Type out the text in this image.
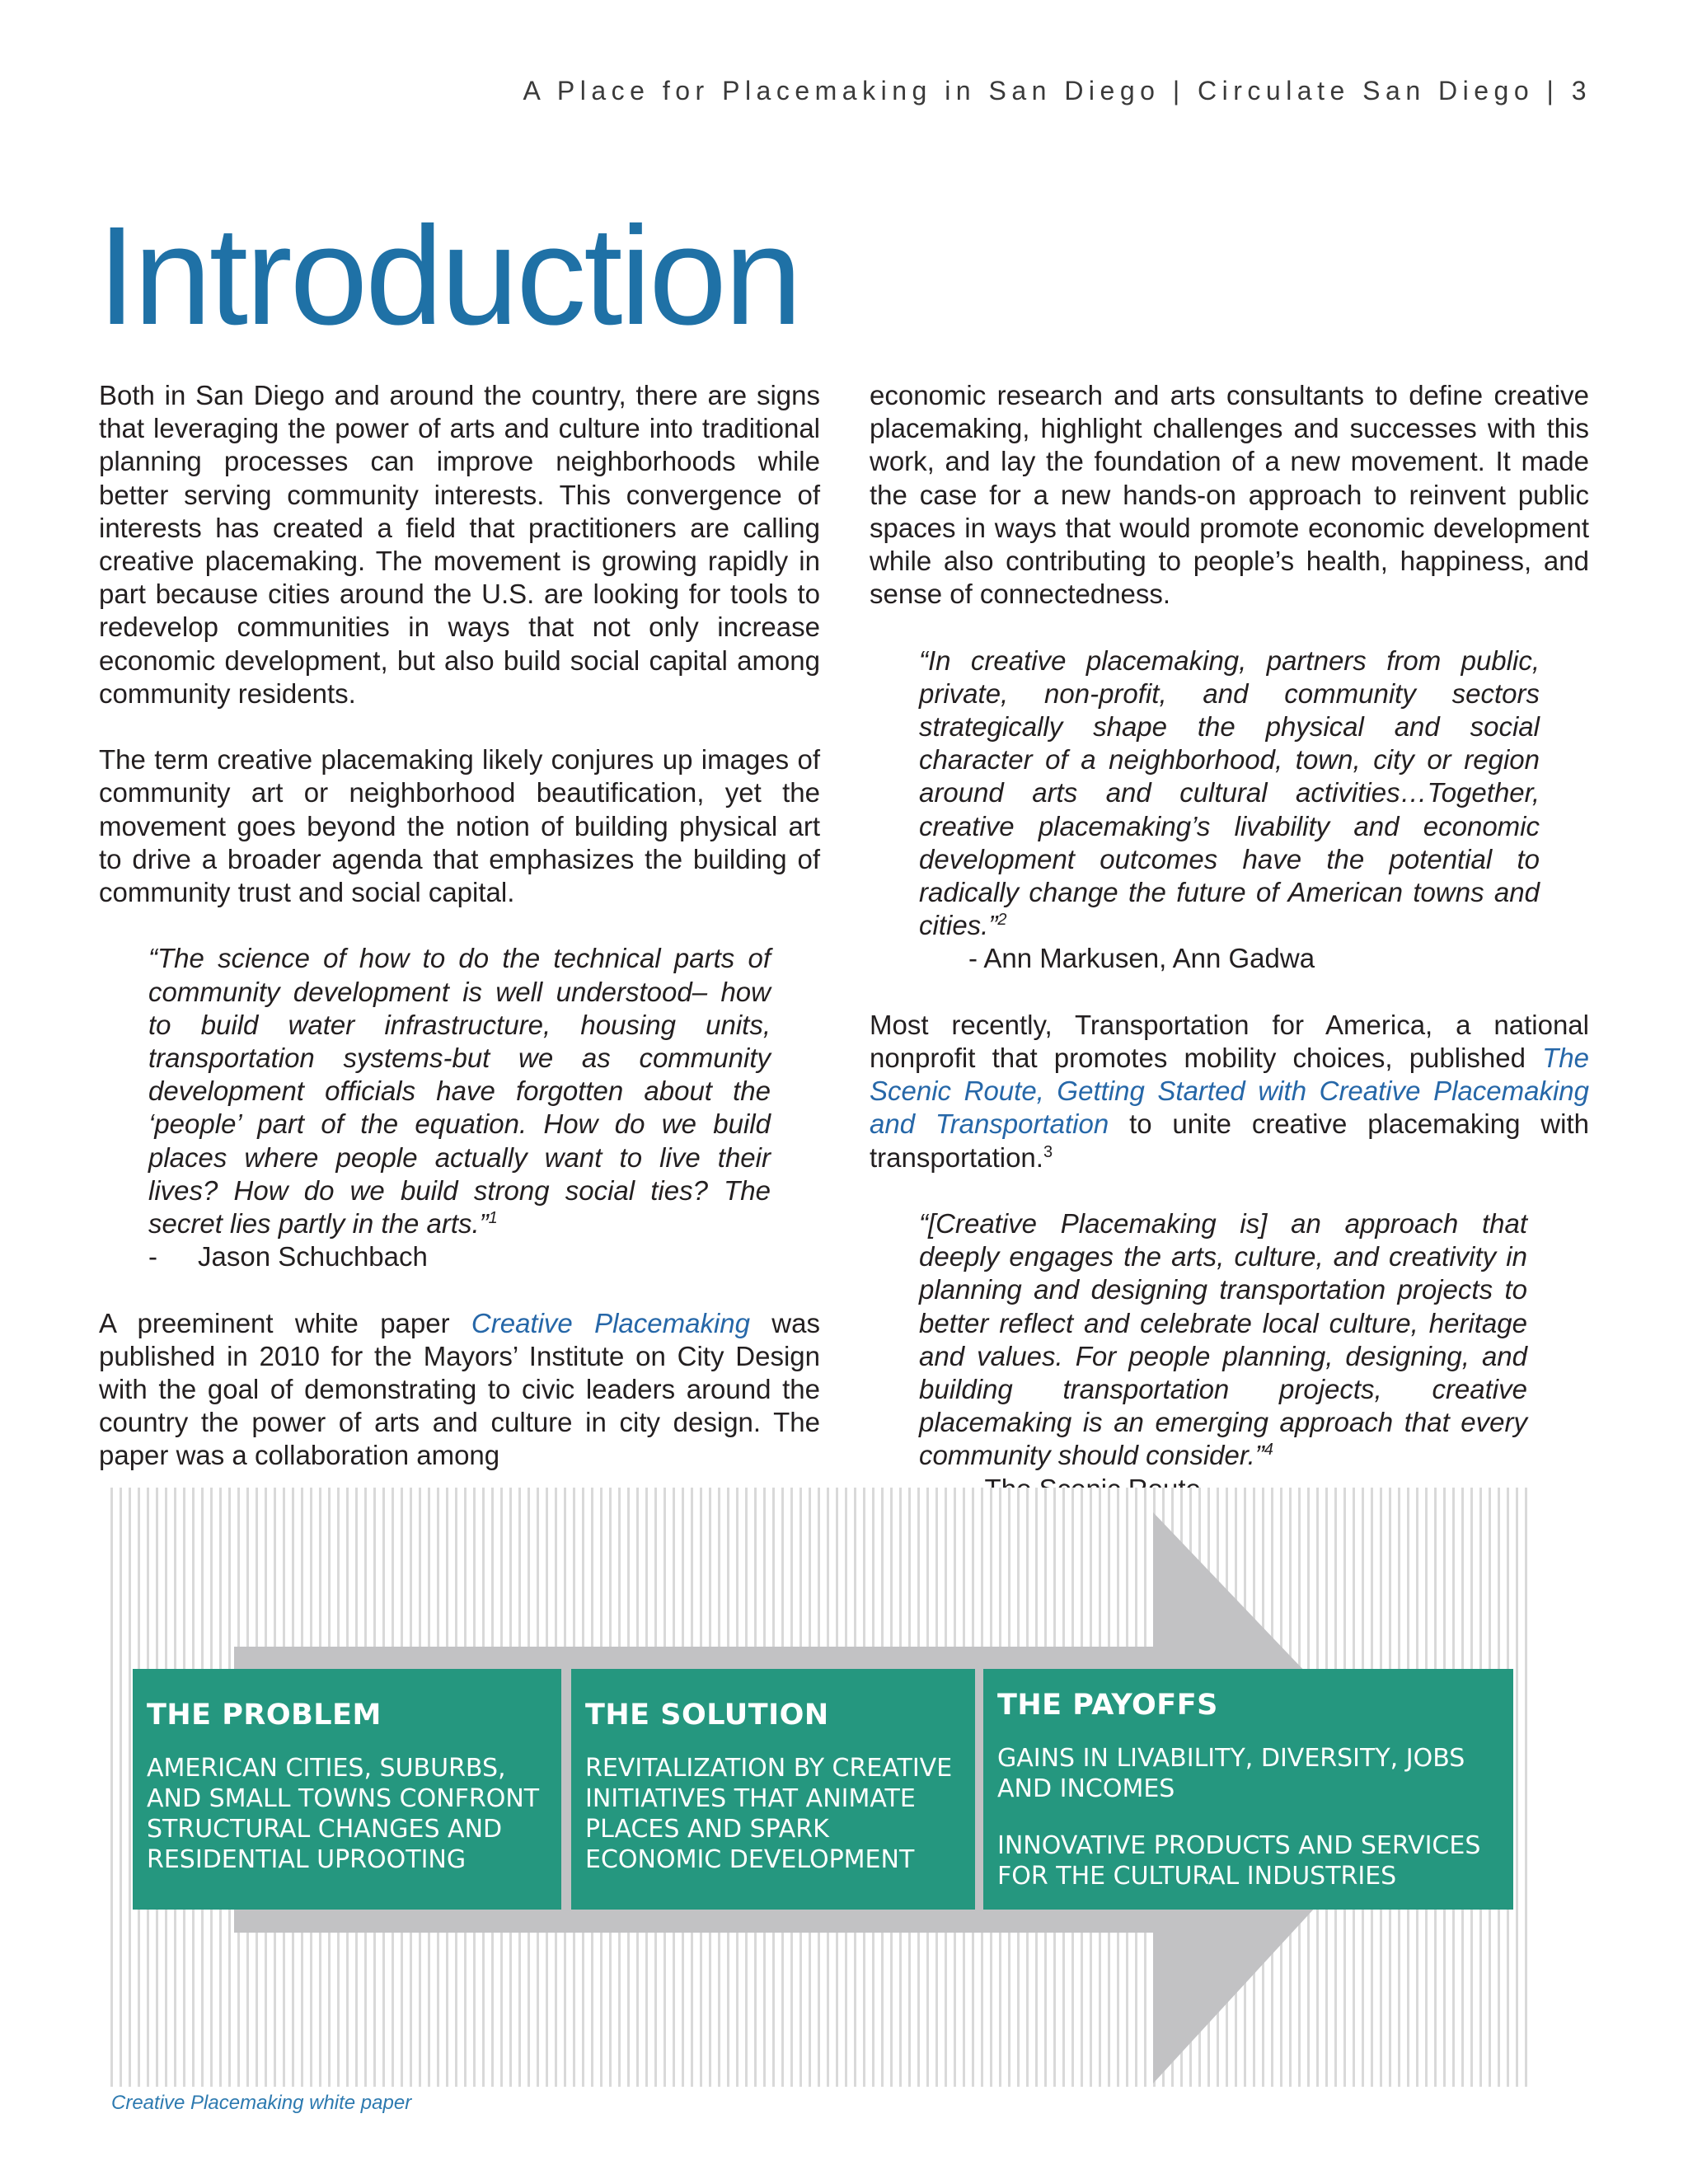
A Place for Placemaking in San Diego | Circulate San Diego | 3
Introduction

Both in San Diego and around the country, there are signs that leveraging the power of arts and culture into traditional planning processes can improve neighborhoods while better serving community interests. This convergence of interests has created a field that practitioners are calling creative placemaking. The movement is growing rapidly in part because cities around the U.S. are looking for tools to redevelop communities in ways that not only increase economic development, but also build social capital among community residents.

The term creative placemaking likely conjures up images of community art or neighborhood beautification, yet the movement goes beyond the notion of building physical art to drive a broader agenda that emphasizes the building of community trust and social capital.

“The science of how to do the technical parts of community development is well understood– how to build water infrastructure, housing units, transportation systems-but we as community development officials have forgotten about the ‘people’ part of the equation. How do we build places where people actually want to live their lives? How do we build strong social ties? The secret lies partly in the arts.”$^1$
- Jason Schuchbach

A preeminent white paper Creative Placemaking was published in 2010 for the Mayors’ Institute on City Design with the goal of demonstrating to civic leaders around the country the power of arts and culture in city design. The paper was a collaboration among

economic research and arts consultants to define creative placemaking, highlight challenges and successes with this work, and lay the foundation of a new movement. It made the case for a new hands-on approach to reinvent public spaces in ways that would promote economic development while also contributing to people’s health, happiness, and sense of connectedness.

“In creative placemaking, partners from public, private, non-profit, and community sectors strategically shape the physical and social character of a neighborhood, town, city or region around arts and cultural activities…Together, creative placemaking’s livability and economic development outcomes have the potential to radically change the future of American towns and cities.”$^2$
- Ann Markusen, Ann Gadwa

Most recently, Transportation for America, a national nonprofit that promotes mobility choices, published The Scenic Route, Getting Started with Creative Placemaking and Transportation to unite creative placemaking with transportation.$^3$

“[Creative Placemaking is] an approach that deeply engages the arts, culture, and creativity in planning and designing transportation projects to better reflect and celebrate local culture, heritage and values. For people planning, designing, and building transportation projects, creative placemaking is an emerging approach that every community should consider.”$^4$
THE PROBLEM
AMERICAN CITIES, SUBURBS, AND SMALL TOWNS CONFRONT STRUCTURAL CHANGES AND RESIDENTIAL UPROOTING
THE SOLUTION
REVITALIZATION BY CREATIVE INITIATIVES THAT ANIMATE PLACES AND SPARK ECONOMIC DEVELOPMENT
THE PAYOFFS
GAINS IN LIVABILITY, DIVERSITY, JOBS AND INCOMES
INNOVATIVE PRODUCTS AND SERVICES FOR THE CULTURAL INDUSTRIES
Creative Placemaking white paper
